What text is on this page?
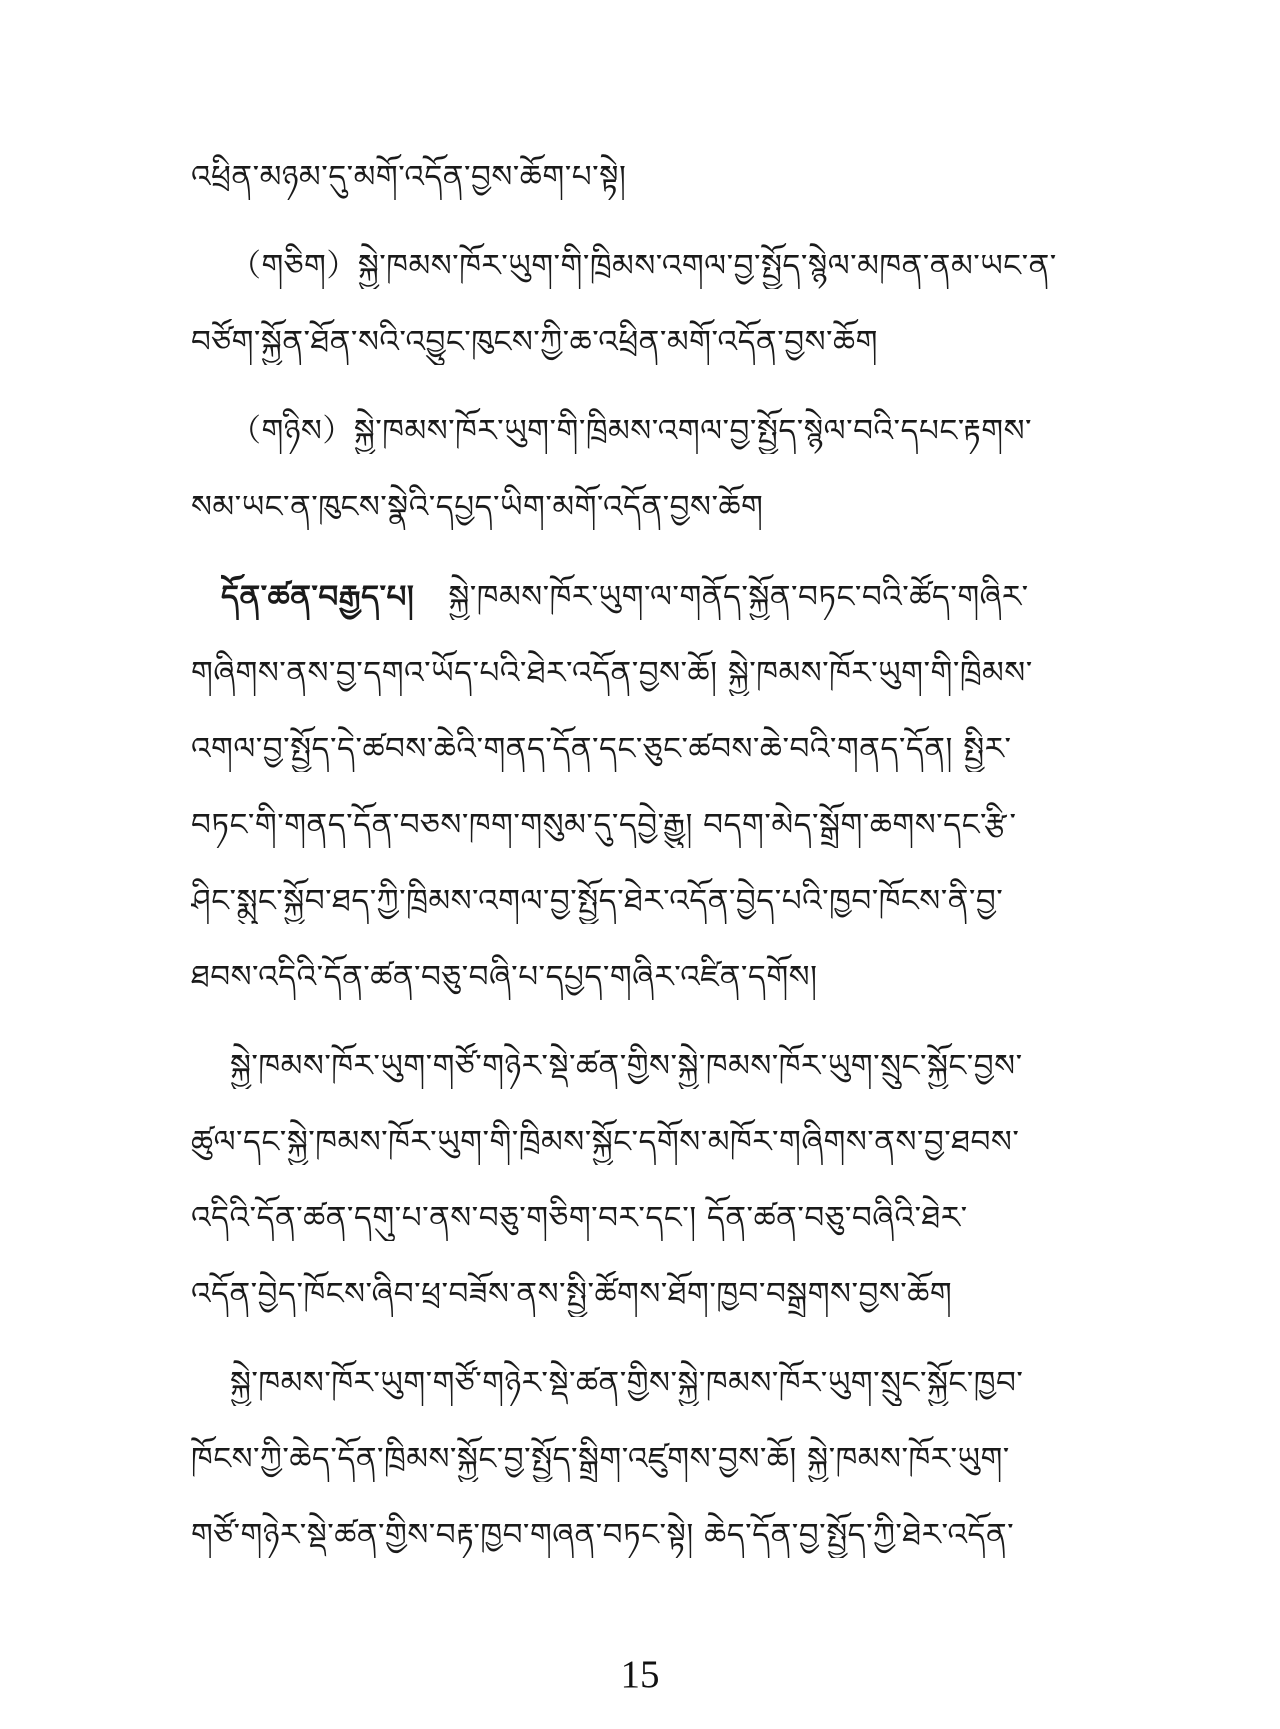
འཕྲིན་མཉམ་དུ་མགོ་འདོན་བྱས་ཆོག་པ་སྟེ།
（གཅིག）སྐྱེ་ཁམས་ཁོར་ཡུག་གི་ཁྲིམས་འགལ་བྱ་སྤྱོད་སྙེལ་མཁན་ནམ་ཡང་ན་
བཙོག་སྐྱོན་ཐོན་སའི་འབྱུང་ཁུངས་ཀྱི་ཆ་འཕྲིན་མགོ་འདོན་བྱས་ཆོག
（གཉིས）སྐྱེ་ཁམས་ཁོར་ཡུག་གི་ཁྲིམས་འགལ་བྱ་སྤྱོད་སྙེལ་བའི་དཔང་རྟགས་
སམ་ཡང་ན་ཁུངས་སྣེའི་དཔྱད་ཡིག་མགོ་འདོན་བྱས་ཆོག
དོན་ཚན་བརྒྱད་པ། སྐྱེ་ཁམས་ཁོར་ཡུག་ལ་གནོད་སྐྱོན་བཏང་བའི་ཚོད་གཞིར་
གཞིགས་ནས་བྱ་དགའ་ཡོད་པའི་ཐེར་འདོན་བྱས་ཆོ། སྐྱེ་ཁམས་ཁོར་ཡུག་གི་ཁྲིམས་
འགལ་བྱ་སྤྱོད་དེ་ཚབས་ཆེའི་གནད་དོན་དང་ཅུང་ཚབས་ཆེ་བའི་གནད་དོན། སྤྱིར་
བཏང་གི་གནད་དོན་བཅས་ཁག་གསུམ་དུ་དབྱེ་རྒྱུ། བདག་མེད་སྒྲོག་ཆགས་དང་རྩི་
ཤིང་སྨུང་སྐྱོབ་ཐད་ཀྱི་ཁྲིམས་འགལ་བྱ་སྤྱོད་ཐེར་འདོན་བྱེད་པའི་ཁྱབ་ཁོངས་ནི་བྱ་
ཐབས་འདིའི་དོན་ཚན་བཅུ་བཞི་པ་དཔྱད་གཞིར་འཛིན་དགོས།
སྐྱེ་ཁམས་ཁོར་ཡུག་གཙོ་གཉེར་སྡེ་ཚན་གྱིས་སྐྱེ་ཁམས་ཁོར་ཡུག་སྲུང་སྐྱོང་བྱས་
ཚུལ་དང་སྐྱེ་ཁམས་ཁོར་ཡུག་གི་ཁྲིམས་སྐྱོང་དགོས་མཁོར་གཞིགས་ནས་བྱ་ཐབས་
འདིའི་དོན་ཚན་དགུ་པ་ནས་བཅུ་གཅིག་བར་དང་། དོན་ཚན་བཅུ་བཞིའི་ཐེར་
འདོན་བྱེད་ཁོངས་ཞིབ་ཕྲ་བཟོས་ནས་སྤྱི་ཚོགས་ཐོག་ཁྱབ་བསྒྲགས་བྱས་ཆོག
སྐྱེ་ཁམས་ཁོར་ཡུག་གཙོ་གཉེར་སྡེ་ཚན་གྱིས་སྐྱེ་ཁམས་ཁོར་ཡུག་སྲུང་སྐྱོང་ཁྱབ་
ཁོངས་ཀྱི་ཆེད་དོན་ཁྲིམས་སྐྱོང་བྱ་སྤྱོད་སྒྲིག་འཛུགས་བྱས་ཆོ། སྐྱེ་ཁམས་ཁོར་ཡུག་
གཙོ་གཉེར་སྡེ་ཚན་གྱིས་བརྟ་ཁྱབ་གཞན་བཏང་སྟེ། ཆེད་དོན་བྱ་སྤྱོད་ཀྱི་ཐེར་འདོན་
15
